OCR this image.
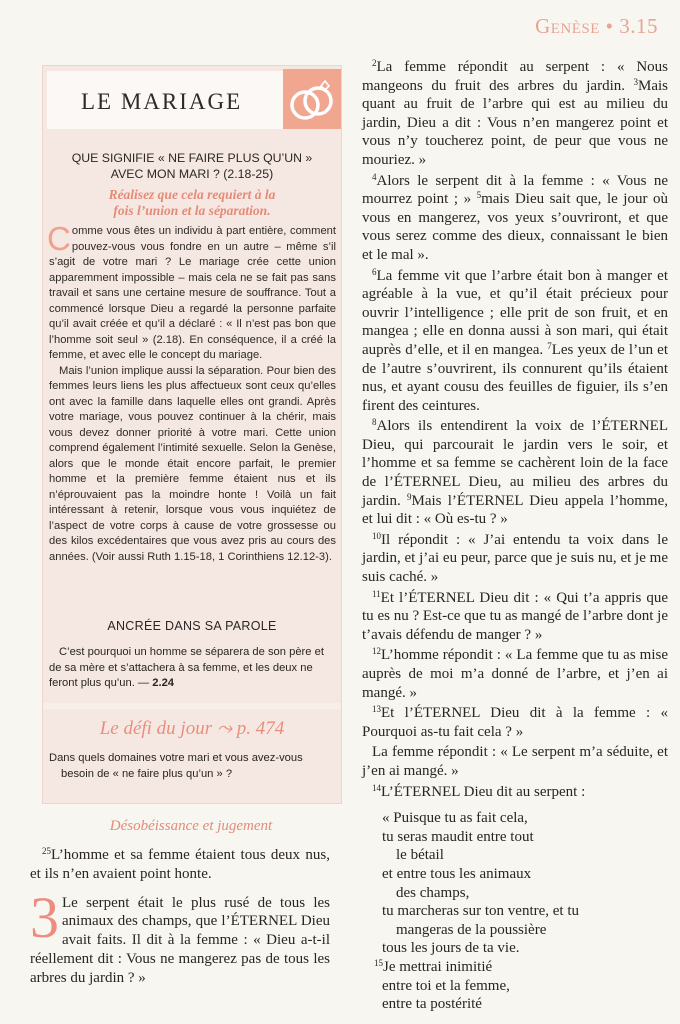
Genèse • 3.15
LE MARIAGE
QUE SIGNIFIE « NE FAIRE PLUS QU’UN »
AVEC MON MARI ? (2.18-25)
Réalisez que cela requiert à la
fois l’union et la séparation.

Comme vous êtes un individu à part entière, comment pouvez-vous vous fondre en un autre – même s’il s’agit de votre mari ? Le mariage crée cette union apparemment impossible – mais cela ne se fait pas sans travail et sans une certaine mesure de souffrance. Tout a commencé lorsque Dieu a regardé la personne parfaite qu’il avait créée et qu’il a déclaré : « Il n’est pas bon que l’homme soit seul » (2.18). En conséquence, il a créé la femme, et avec elle le concept du mariage.

Mais l’union implique aussi la séparation. Pour bien des femmes leurs liens les plus affectueux sont ceux qu’elles ont avec la famille dans laquelle elles ont grandi. Après votre mariage, vous pouvez continuer à la chérir, mais vous devez donner priorité à votre mari. Cette union comprend également l’intimité sexuelle. Selon la Genèse, alors que le monde était encore parfait, le premier homme et la première femme étaient nus et ils n’éprouvaient pas la moindre honte ! Voilà un fait intéressant à retenir, lorsque vous vous inquiétez de l’aspect de votre corps à cause de votre grossesse ou des kilos excédentaires que vous avez pris au cours des années. (Voir aussi Ruth 1.15-18, 1 Corinthiens 12.12-3).

ANCRÉE DANS SA PAROLE
C’est pourquoi un homme se séparera de son père et de sa mère et s’attachera à sa femme, et les deux ne feront plus qu’un. — 2.24
Le défi du jour ⤳ p. 474
Dans quels domaines votre mari et vous avez-vous
besoin de « ne faire plus qu’un » ?
Désobéissance et jugement

$^{25}$L’homme et sa femme étaient tous deux nus, et ils n’en avaient point honte.

3 Le serpent était le plus rusé de tous les animaux des champs, que l’ÉTERNEL Dieu avait faits. Il dit à la femme : « Dieu a-t-il réellement dit : Vous ne mangerez pas de tous les arbres du jardin ? »

$^2$La femme répondit au serpent : « Nous mangeons du fruit des arbres du jardin. $^3$Mais quant au fruit de l’arbre qui est au milieu du jardin, Dieu a dit : Vous n’en mangerez point et vous n’y toucherez point, de peur que vous ne mouriez. »

$^4$Alors le serpent dit à la femme : « Vous ne mourrez point ; » $^5$mais Dieu sait que, le jour où vous en mangerez, vos yeux s’ouvriront, et que vous serez comme des dieux, connaissant le bien et le mal ».

$^6$La femme vit que l’arbre était bon à manger et agréable à la vue, et qu’il était précieux pour ouvrir l’intelligence ; elle prit de son fruit, et en mangea ; elle en donna aussi à son mari, qui était auprès d’elle, et il en mangea. $^7$Les yeux de l’un et de l’autre s’ouvrirent, ils connurent qu’ils étaient nus, et ayant cousu des feuilles de figuier, ils s’en firent des ceintures.

$^8$Alors ils entendirent la voix de l’ÉTERNEL Dieu, qui parcourait le jardin vers le soir, et l’homme et sa femme se cachèrent loin de la face de l’ÉTERNEL Dieu, au milieu des arbres du jardin. $^9$Mais l’ÉTERNEL Dieu appela l’homme, et lui dit : « Où es-tu ? »

$^{10}$Il répondit : « J’ai entendu ta voix dans le jardin, et j’ai eu peur, parce que je suis nu, et je me suis caché. »

$^{11}$Et l’ÉTERNEL Dieu dit : « Qui t’a appris que tu es nu ? Est-ce que tu as mangé de l’arbre dont je t’avais défendu de manger ? »

$^{12}$L’homme répondit : « La femme que tu as mise auprès de moi m’a donné de l’arbre, et j’en ai mangé. »

$^{13}$Et l’ÉTERNEL Dieu dit à la femme : « Pourquoi as-tu fait cela ? »

La femme répondit : « Le serpent m’a séduite, et j’en ai mangé. »

$^{14}$L’ÉTERNEL Dieu dit au serpent :

« Puisque tu as fait cela,
tu seras maudit entre tout
le bétail
et entre tous les animaux
des champs,
tu marcheras sur ton ventre, et tu
mangeras de la poussière
tous les jours de ta vie.
$^{15}$Je mettrai inimitié
entre toi et la femme,
entre ta postérité
